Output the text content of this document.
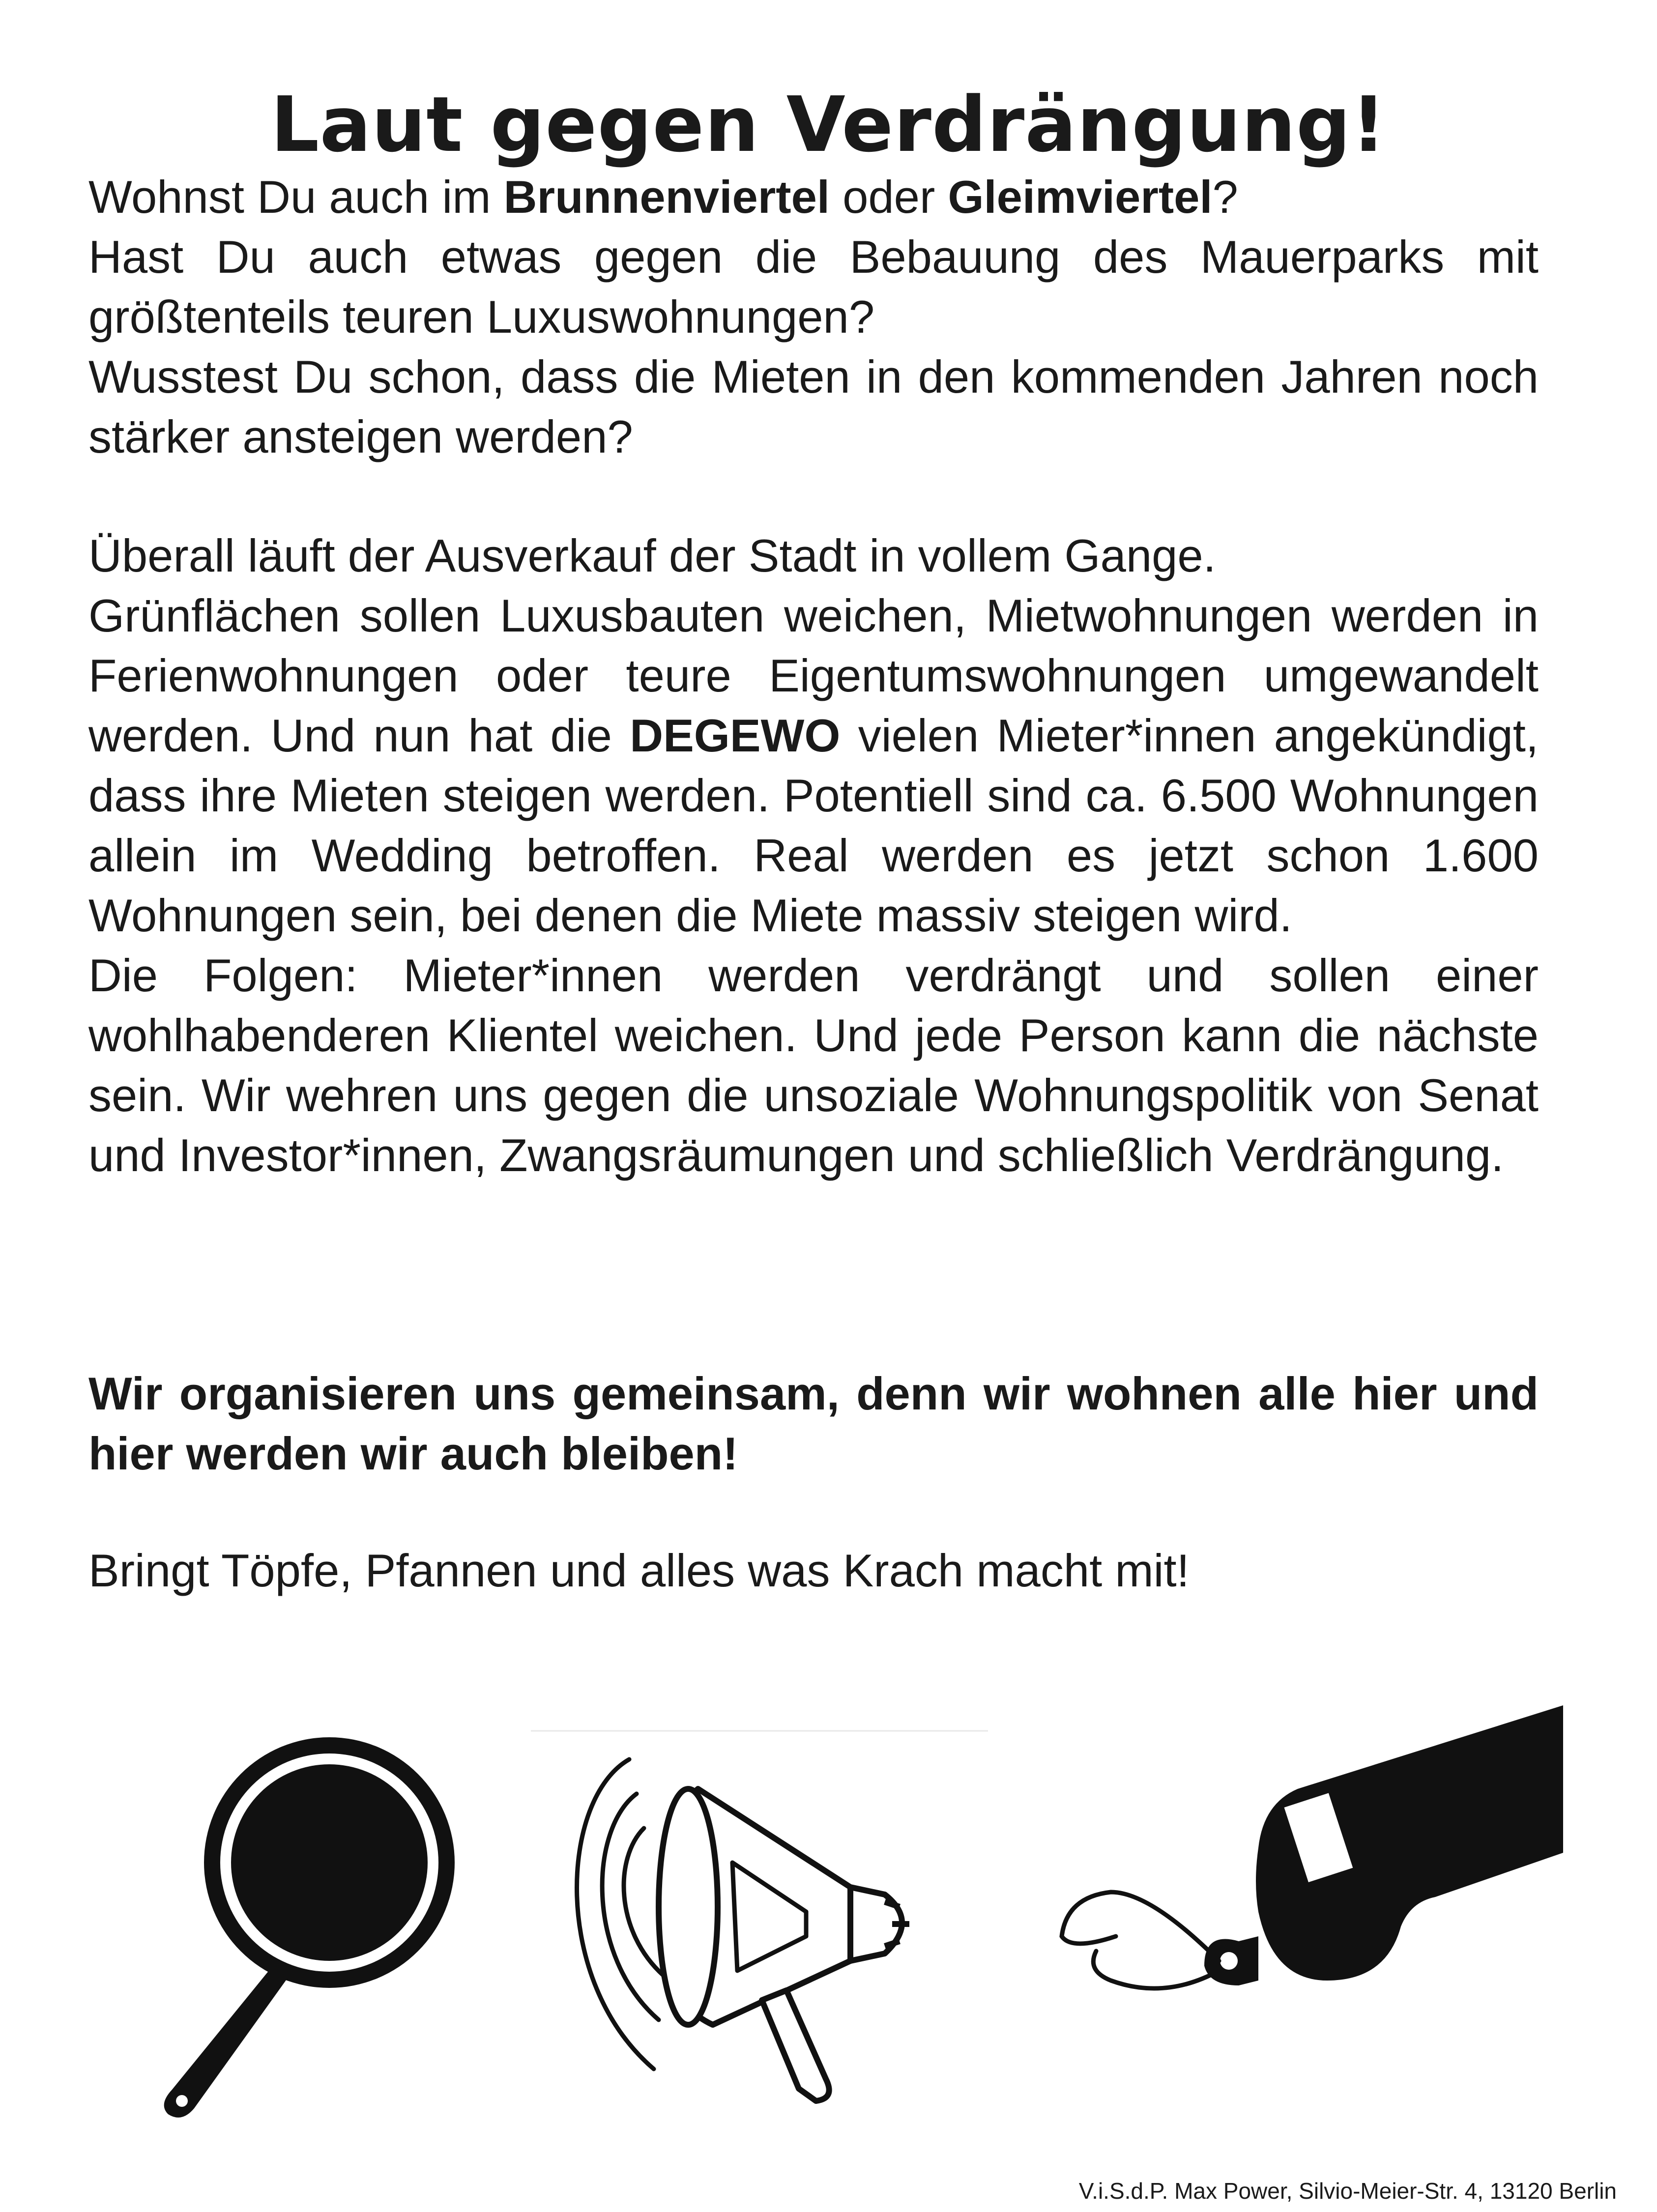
Laut gegen Verdrängung!

Wohnst Du auch im Brunnenviertel oder Gleimviertel?

Hast Du auch etwas gegen die Bebauung des Mauerparks mit größtenteils teuren Luxuswohnungen?

Wusstest Du schon, dass die Mieten in den kommenden Jahren noch stärker ansteigen werden?

Überall läuft der Ausverkauf der Stadt in vollem Gange.

Grünflächen sollen Luxusbauten weichen, Mietwohnungen werden in Ferienwohnungen oder teure Eigentumswohnungen umgewandelt werden. Und nun hat die DEGEWO vielen Mieter*innen angekündigt, dass ihre Mieten steigen werden. Potentiell sind ca. 6.500 Wohnungen allein im Wedding betroffen. Real werden es jetzt schon 1.600 Wohnungen sein, bei denen die Miete massiv steigen wird.

Die Folgen: Mieter*innen werden verdrängt und sollen einer wohlhabenderen Klientel weichen. Und jede Person kann die nächste sein. Wir wehren uns gegen die unsoziale Wohnungspolitik von Senat und Investor*innen, Zwangsräumungen und schließlich Verdrängung.

Wir organisieren uns gemeinsam, denn wir wohnen alle hier und hier werden wir auch bleiben!

Bringt Töpfe, Pfannen und alles was Krach macht mit!

V.i.S.d.P. Max Power, Silvio-Meier-Str. 4, 13120 Berlin
